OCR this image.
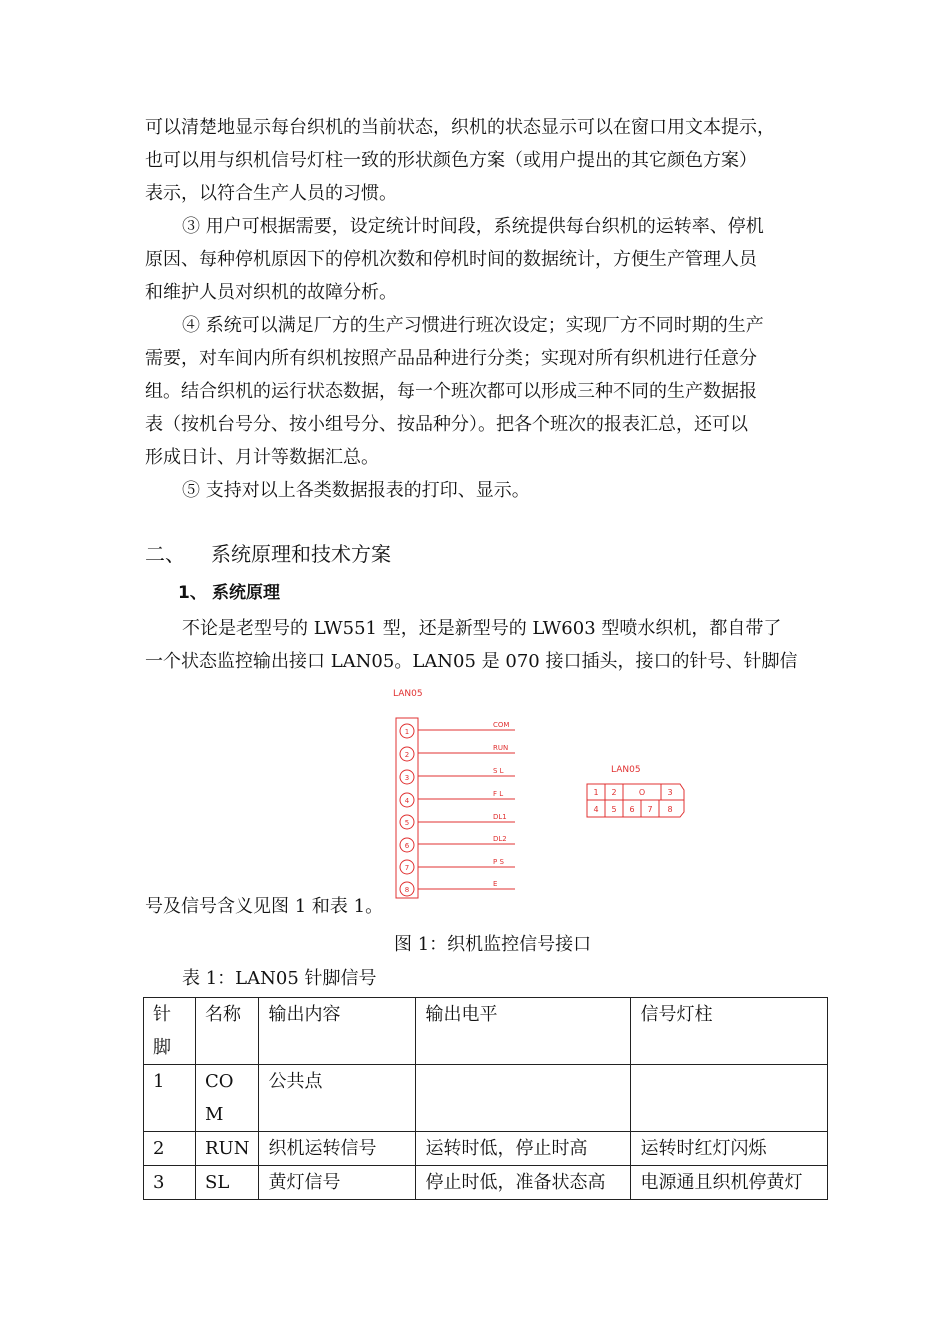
可以清楚地显示每台织机的当前状态，织机的状态显示可以在窗口用文本提示，
也可以用与织机信号灯柱一致的形状颜色方案（或用户提出的其它颜色方案）
表示，以符合生产人员的习惯。
③ 用户可根据需要，设定统计时间段，系统提供每台织机的运转率、停机
原因、每种停机原因下的停机次数和停机时间的数据统计，方便生产管理人员
和维护人员对织机的故障分析。
④ 系统可以满足厂方的生产习惯进行班次设定；实现厂方不同时期的生产
需要，对车间内所有织机按照产品品种进行分类；实现对所有织机进行任意分
组。结合织机的运行状态数据，每一个班次都可以形成三种不同的生产数据报
表（按机台号分、按小组号分、按品种分）。把各个班次的报表汇总，还可以
形成日计、月计等数据汇总。
⑤ 支持对以上各类数据报表的打印、显示。
二、 系统原理和技术方案
1、 系统原理
不论是老型号的 LW551 型，还是新型号的 LW603 型喷水织机，都自带了
一个状态监控输出接口 LAN05。LAN05 是 070 接口插头，接口的针号、针脚信
LAN05
1
2
3
4
5
6
7
8
COM
RUN
S L
F L
DL1
DL2
P S
E
LAN05
1 2	O	3
4 5 6 7 8
号及信号含义见图 1 和表 1。
图 1：织机监控信号接口
表 1：LAN05 针脚信号
针
脚	名称	输出内容	输出电平	信号灯柱

1	CO
M	公共点		

2	RUN	织机运转信号	运转时低，停止时高	运转时红灯闪烁

3	SL	黄灯信号	停止时低，准备状态高	电源通且织机停黄灯
